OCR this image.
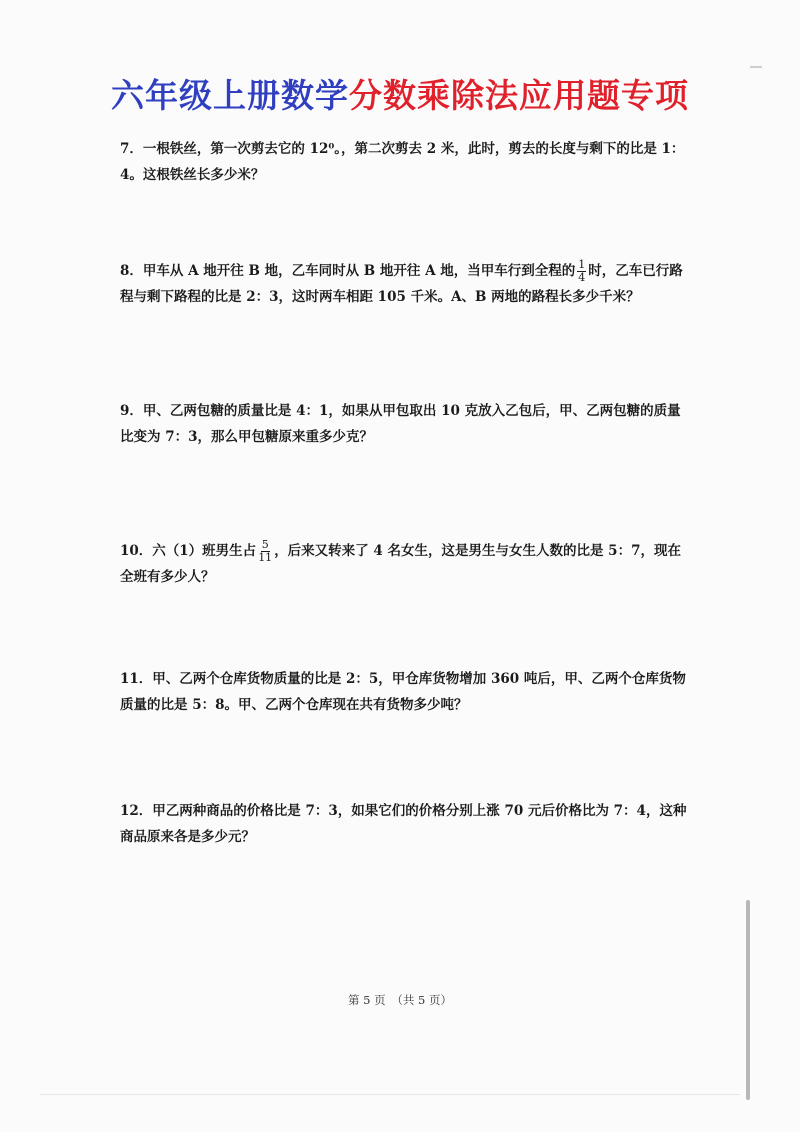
六年级上册数学分数乘除法应用题专项
7．一根铁丝，第一次剪去它的 12⁰。，第二次剪去 2 米，此时，剪去的长度与剩下的比是 1：
4。这根铁丝长多少米？
8．甲车从 A 地开往 B 地，乙车同时从 B 地开往 A 地，当甲车行到全程的 $\frac{1}{4}$ 时，乙车已行路
程与剩下路程的比是 2：3，这时两车相距 105 千米。A、B 两地的路程长多少千米？
9．甲、乙两包糖的质量比是 4：1，如果从甲包取出 10 克放入乙包后，甲、乙两包糖的质量
比变为 7：3，那么甲包糖原来重多少克？
10．六（1）班男生占 $\frac{5}{11}$ ，后来又转来了 4 名女生，这是男生与女生人数的比是 5：7，现在
全班有多少人？
11．甲、乙两个仓库货物质量的比是 2：5，甲仓库货物增加 360 吨后，甲、乙两个仓库货物
质量的比是 5：8。甲、乙两个仓库现在共有货物多少吨？
12．甲乙两种商品的价格比是 7：3，如果它们的价格分别上涨 70 元后价格比为 7：4，这种
商品原来各是多少元？
第 5 页　（共 5 页）
